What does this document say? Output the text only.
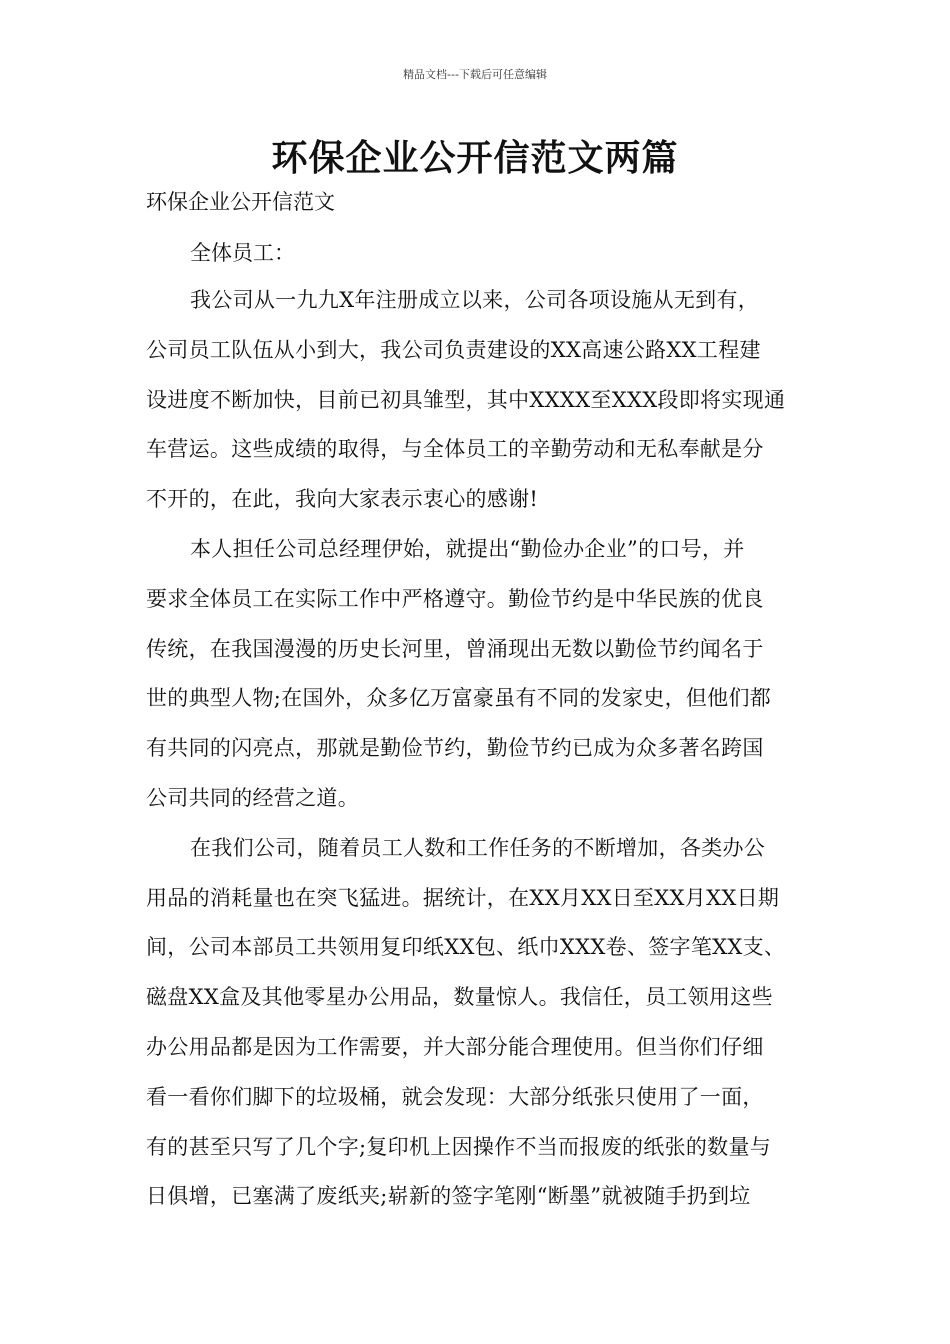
精品文档---下载后可任意编辑
环保企业公开信范文两篇
环保企业公开信范文
全体员工：
我公司从一九九X年注册成立以来，公司各项设施从无到有，
公司员工队伍从小到大，我公司负责建设的XX高速公路XX工程建
设进度不断加快，目前已初具雏型，其中XXXX至XXX段即将实现通
车营运。这些成绩的取得，与全体员工的辛勤劳动和无私奉献是分
不开的，在此，我向大家表示衷心的感谢!
本人担任公司总经理伊始，就提出“勤俭办企业”的口号，并
要求全体员工在实际工作中严格遵守。勤俭节约是中华民族的优良
传统，在我国漫漫的历史长河里，曾涌现出无数以勤俭节约闻名于
世的典型人物;在国外，众多亿万富豪虽有不同的发家史，但他们都
有共同的闪亮点，那就是勤俭节约，勤俭节约已成为众多著名跨国
公司共同的经营之道。
在我们公司，随着员工人数和工作任务的不断增加，各类办公
用品的消耗量也在突飞猛进。据统计，在XX月XX日至XX月XX日期
间，公司本部员工共领用复印纸XX包、纸巾XXX卷、签字笔XX支、
磁盘XX盒及其他零星办公用品，数量惊人。我信任，员工领用这些
办公用品都是因为工作需要，并大部分能合理使用。但当你们仔细
看一看你们脚下的垃圾桶，就会发现：大部分纸张只使用了一面，
有的甚至只写了几个字;复印机上因操作不当而报废的纸张的数量与
日俱增，已塞满了废纸夹;崭新的签字笔刚“断墨”就被随手扔到垃
